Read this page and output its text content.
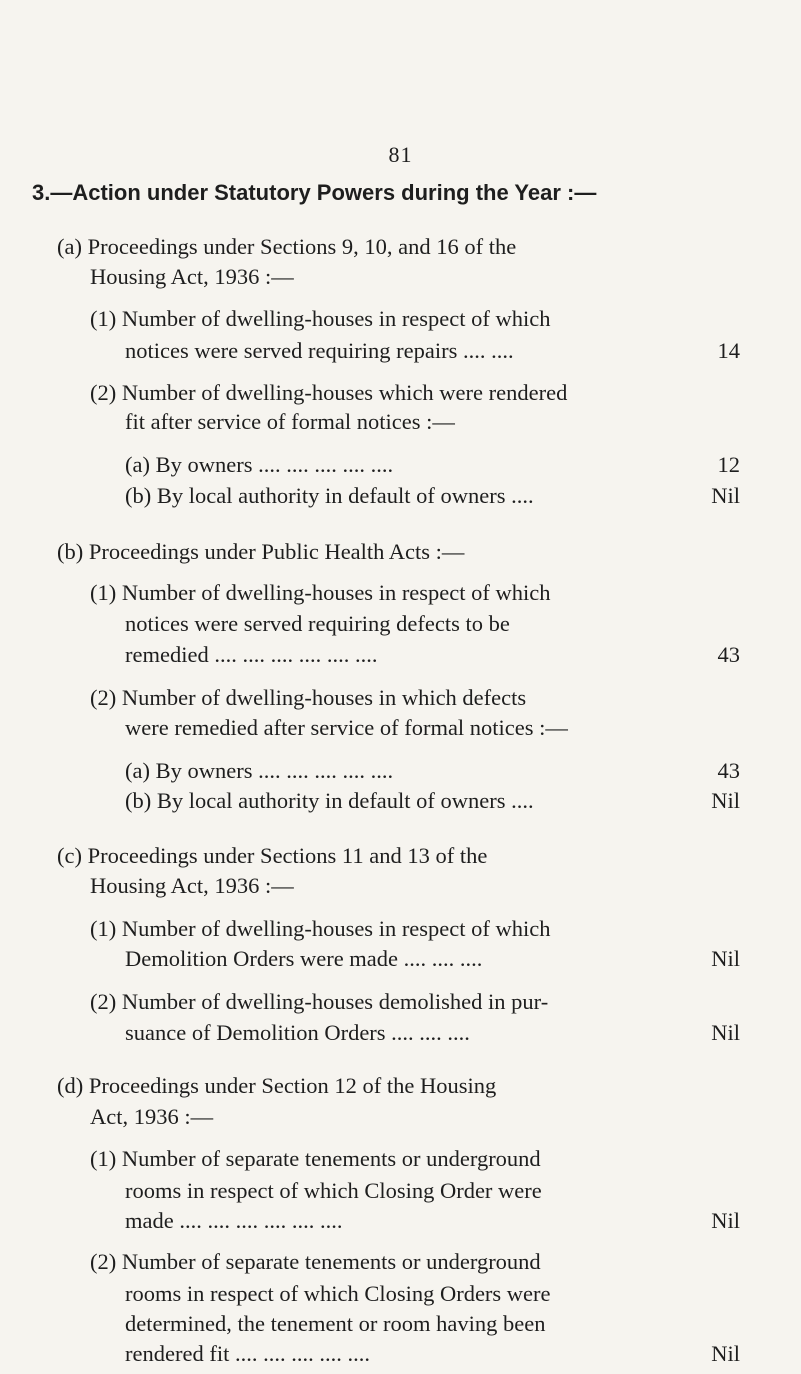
81
3.—Action under Statutory Powers during the Year :—
(a) Proceedings under Sections 9, 10, and 16 of the
Housing Act, 1936 :—
(1) Number of dwelling-houses in respect of which
notices were served requiring repairs .... ....	14
(2) Number of dwelling-houses which were rendered
fit after service of formal notices :—
(a) By owners .... .... .... .... ....	12
(b) By local authority in default of owners ....	Nil
(b) Proceedings under Public Health Acts :—
(1) Number of dwelling-houses in respect of which
notices were served requiring defects to be
remedied .... .... .... .... .... ....	43
(2) Number of dwelling-houses in which defects
were remedied after service of formal notices :—
(a) By owners .... .... .... .... ....	43
(b) By local authority in default of owners ....	Nil
(c) Proceedings under Sections 11 and 13 of the
Housing Act, 1936 :—
(1) Number of dwelling-houses in respect of which
Demolition Orders were made .... .... ....	Nil
(2) Number of dwelling-houses demolished in pur-
suance of Demolition Orders .... .... ....	Nil
(d) Proceedings under Section 12 of the Housing
Act, 1936 :—
(1) Number of separate tenements or underground
rooms in respect of which Closing Order were
made .... .... .... .... .... ....	Nil
(2) Number of separate tenements or underground
rooms in respect of which Closing Orders were
determined, the tenement or room having been
rendered fit .... .... .... .... ....	Nil
